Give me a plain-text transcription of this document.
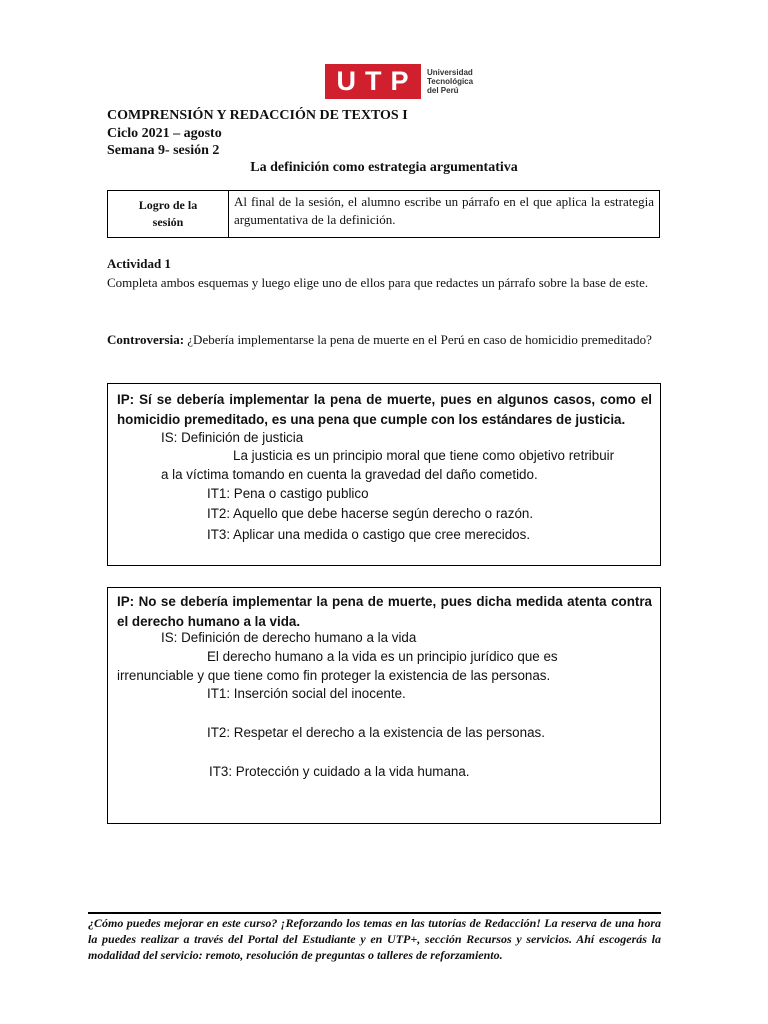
UTP Universidad
Tecnológica
del Perú
COMPRENSIÓN Y REDACCIÓN DE TEXTOS I
Ciclo 2021 – agosto
Semana 9- sesión 2
La definición como estrategia argumentativa
Logro de la
sesión
	Al final de la sesión, el alumno escribe un párrafo en el que aplica la estrategia argumentativa de la definición.
Actividad 1
Completa ambos esquemas y luego elige uno de ellos para que redactes un párrafo sobre la base de este.
Controversia: ¿Debería implementarse la pena de muerte en el Perú en caso de homicidio premeditado?
IP: Sí se debería implementar la pena de muerte, pues en algunos casos, como el homicidio premeditado, es una pena que cumple con los estándares de justicia.
IS: Definición de justicia
La justicia es un principio moral que tiene como objetivo retribuir
a la víctima tomando en cuenta la gravedad del daño cometido.
IT1: Pena o castigo publico
IT2: Aquello que debe hacerse según derecho o razón.
IT3: Aplicar una medida o castigo que cree merecidos.
IP: No se debería implementar la pena de muerte, pues dicha medida atenta contra el derecho humano a la vida.
IS: Definición de derecho humano a la vida
El derecho humano a la vida es un principio jurídico que es
irrenunciable y que tiene como fin proteger la existencia de las personas.
IT1: Inserción social del inocente.
IT2: Respetar el derecho a la existencia de las personas.
IT3: Protección y cuidado a la vida humana.
¿Cómo puedes mejorar en este curso? ¡Reforzando los temas en las tutorías de Redacción! La reserva de una hora la puedes realizar a través del Portal del Estudiante y en UTP+, sección Recursos y servicios. Ahí escogerás la modalidad del servicio: remoto, resolución de preguntas o talleres de reforzamiento.
